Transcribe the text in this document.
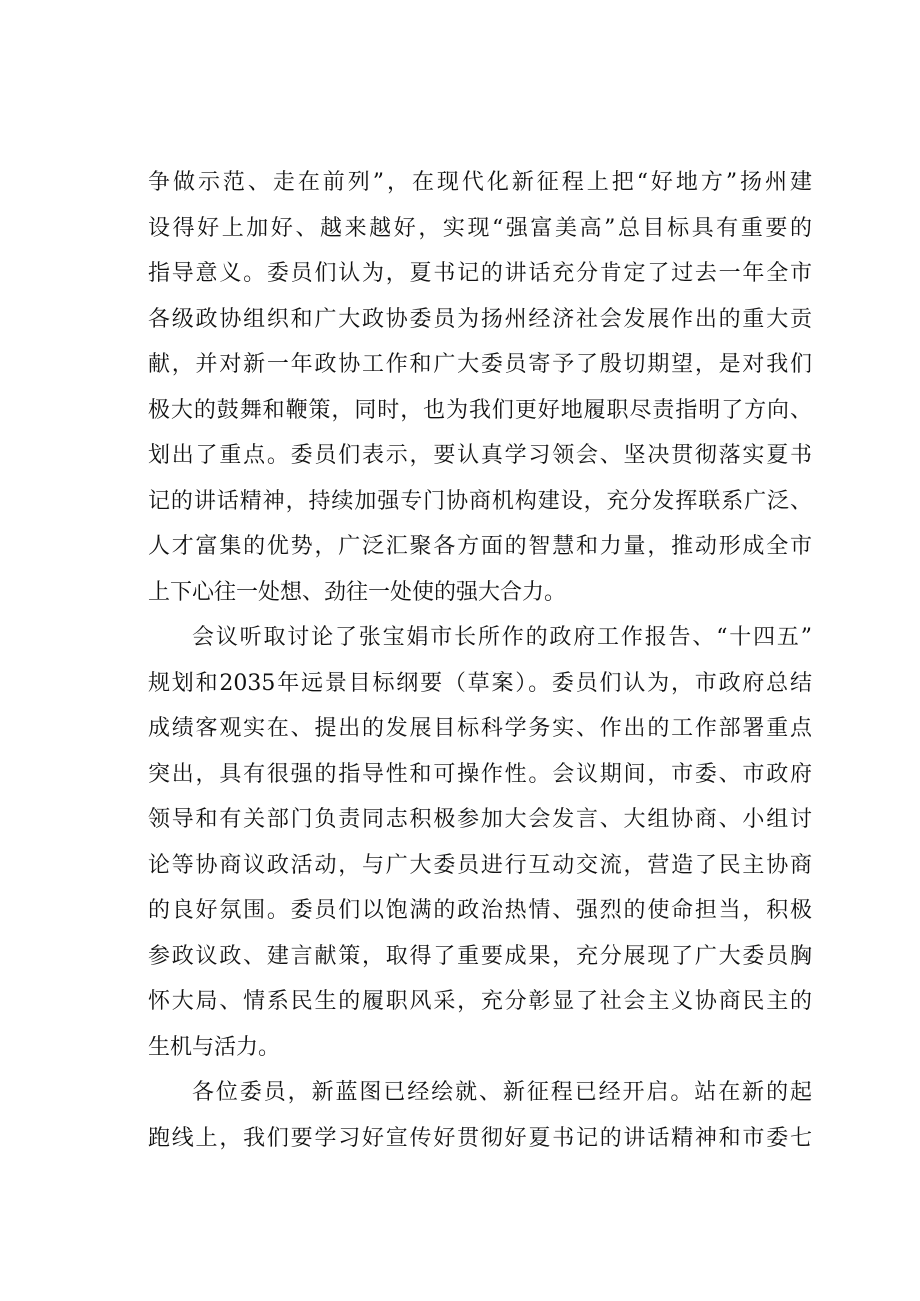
争做示范、走在前列”，在现代化新征程上把“好地方”扬州建
设得好上加好、越来越好，实现“强富美高”总目标具有重要的
指导意义。委员们认为，夏书记的讲话充分肯定了过去一年全市
各级政协组织和广大政协委员为扬州经济社会发展作出的重大贡
献，并对新一年政协工作和广大委员寄予了殷切期望，是对我们
极大的鼓舞和鞭策，同时，也为我们更好地履职尽责指明了方向、
划出了重点。委员们表示，要认真学习领会、坚决贯彻落实夏书
记的讲话精神，持续加强专门协商机构建设，充分发挥联系广泛、
人才富集的优势，广泛汇聚各方面的智慧和力量，推动形成全市
上下心往一处想、劲往一处使的强大合力。

会议听取讨论了张宝娟市长所作的政府工作报告、“十四五”
规划和2035年远景目标纲要（草案）。委员们认为，市政府总结
成绩客观实在、提出的发展目标科学务实、作出的工作部署重点
突出，具有很强的指导性和可操作性。会议期间，市委、市政府
领导和有关部门负责同志积极参加大会发言、大组协商、小组讨
论等协商议政活动，与广大委员进行互动交流，营造了民主协商
的良好氛围。委员们以饱满的政治热情、强烈的使命担当，积极
参政议政、建言献策，取得了重要成果，充分展现了广大委员胸
怀大局、情系民生的履职风采，充分彰显了社会主义协商民主的
生机与活力。

各位委员，新蓝图已经绘就、新征程已经开启。站在新的起
跑线上，我们要学习好宣传好贯彻好夏书记的讲话精神和市委七
